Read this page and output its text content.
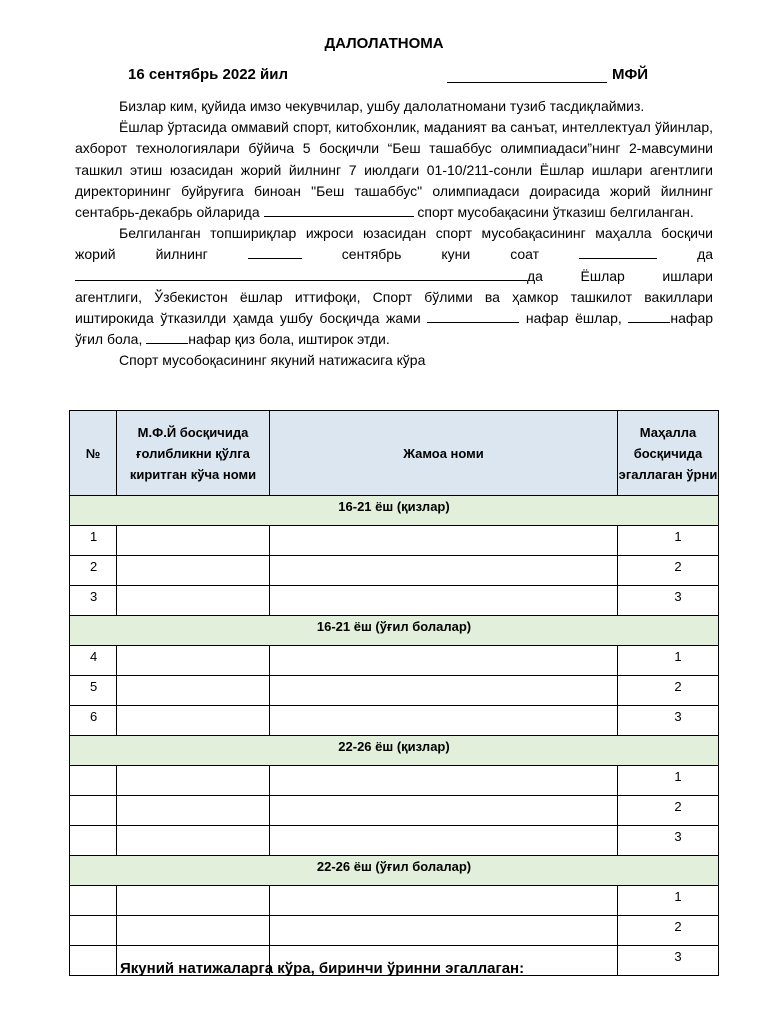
ДАЛОЛАТНОМА
16 сентябрь 2022 йил	МФЙ

Бизлар ким, қуйида имзо чекувчилар, ушбу далолатномани тузиб тасдиқлаймиз.

Ёшлар ўртасида оммавий спорт, китобхонлик, маданият ва санъат, интеллектуал ўйинлар, ахборот технологиялари бўйича 5 босқичли “Беш ташаббус олимпиадаси”нинг 2-мавсумини ташкил этиш юзасидан жорий йилнинг 7 июлдаги 01-10/211-сонли Ёшлар ишлари агентлиги директорининг буйруғига биноан "Беш ташаббус" олимпиадаси доирасида жорий йилнинг сентабрь-декабрь ойларида	спорт мусобақасини ўтказиш белгиланган.

Белгиланган топшириқлар ижроси юзасидан спорт мусобақасининг маҳалла босқичи жорий йилнинг	сентябрь куни соат	да да Ёшлар ишлари агентлиги, Ўзбекистон ёшлар иттифоқи, Спорт бўлими ва ҳамкор ташкилот вакиллари иштирокида ўтказилди ҳамда ушбу босқичда жами	нафар ёшлар,	нафар ўғил бола,	нафар қиз бола, иштирок этди.

Спорт мусобоқасининг якуний натижасига кўра

№	М.Ф.Й босқичида ғолибликни қўлга киритган кўча номи	Жамоа номи	Маҳалла босқичида эгаллаган ўрни
16-21 ёш (қизлар)			
1			1
2			2
3			3
16-21 ёш (ўғил болалар)			
4			1
5			2
6			3
22-26 ёш (қизлар)			
			1
			2
			3
22-26 ёш (ўғил болалар)			
			1
			2
			3
Якуний натижаларга кўра, биринчи ўринни эгаллаган:
